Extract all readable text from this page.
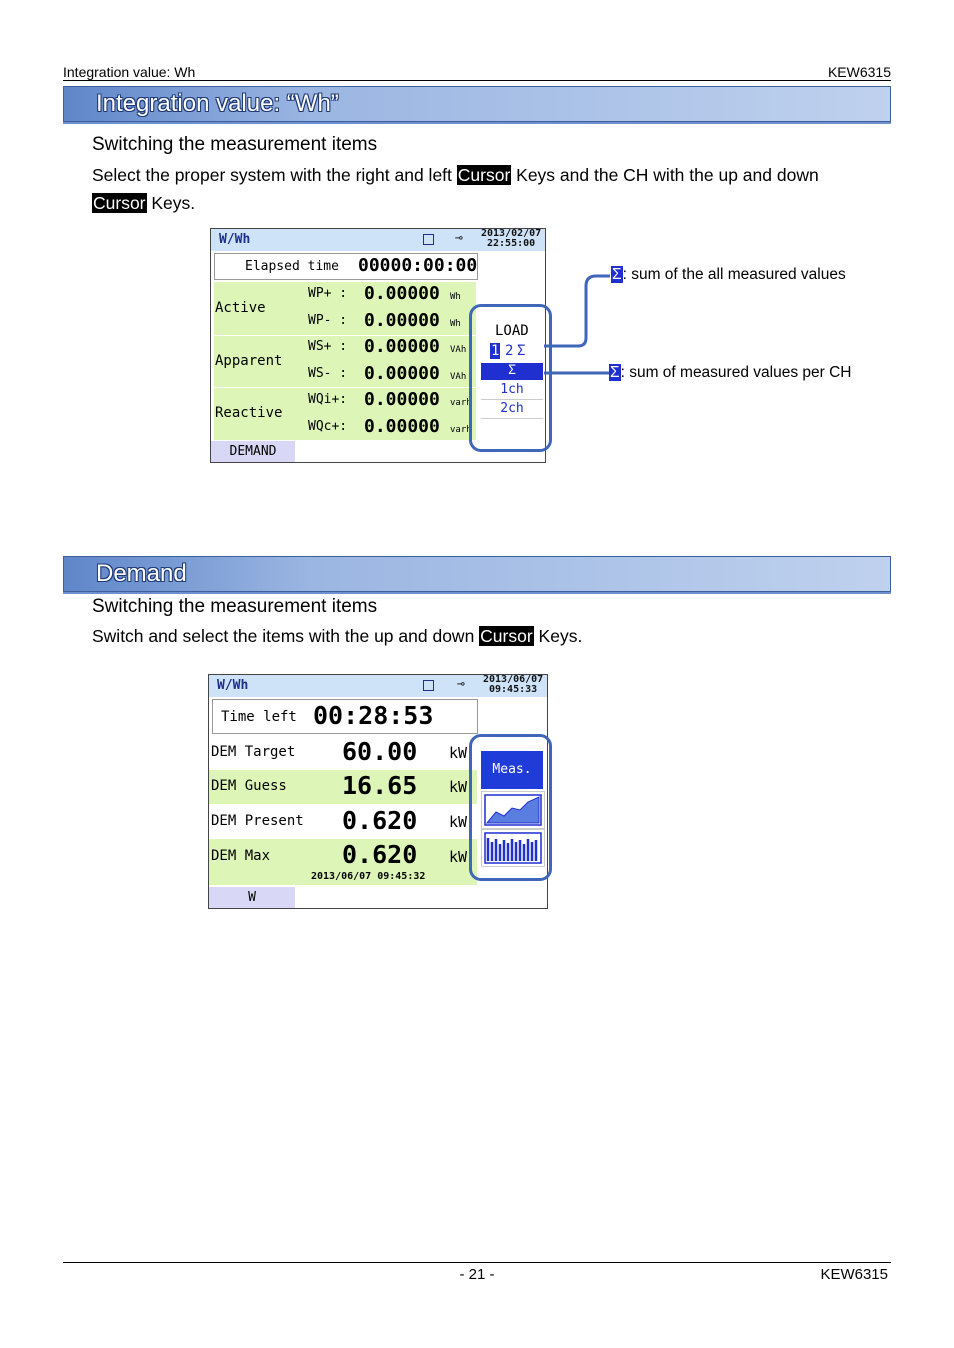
Integration value: Wh	KEW6315
Integration value: “Wh”
Switching the measurement items
Select the proper system with the right and left Cursor Keys and the CH with the up and down
Cursor Keys.
W/Wh	⊸ 2013/02/07
22:55:00
Elapsed time 00000:00:00
Active
WP+ : 0.00000 Wh
WP- : 0.00000 Wh
Apparent
WS+ : 0.00000 VAh
WS- : 0.00000 VAh
Reactive
WQi+: 0.00000 varh
WQc+: 0.00000 varh
LOAD
1 2 Σ
Σ
1ch
2ch
DEMAND
Σ: sum of the all measured values
Σ: sum of measured values per CH
Demand
Switching the measurement items
Switch and select the items with the up and down Cursor Keys.
W/Wh	⊸ 2013/06/07
09:45:33
Time left 00:28:53
DEM Target 60.00 kW
DEM Guess 16.65 kW
DEM Present 0.620 kW
DEM Max	0.620 kW
2013/06/07 09:45:32
Meas.
W
- 21 -	KEW6315
